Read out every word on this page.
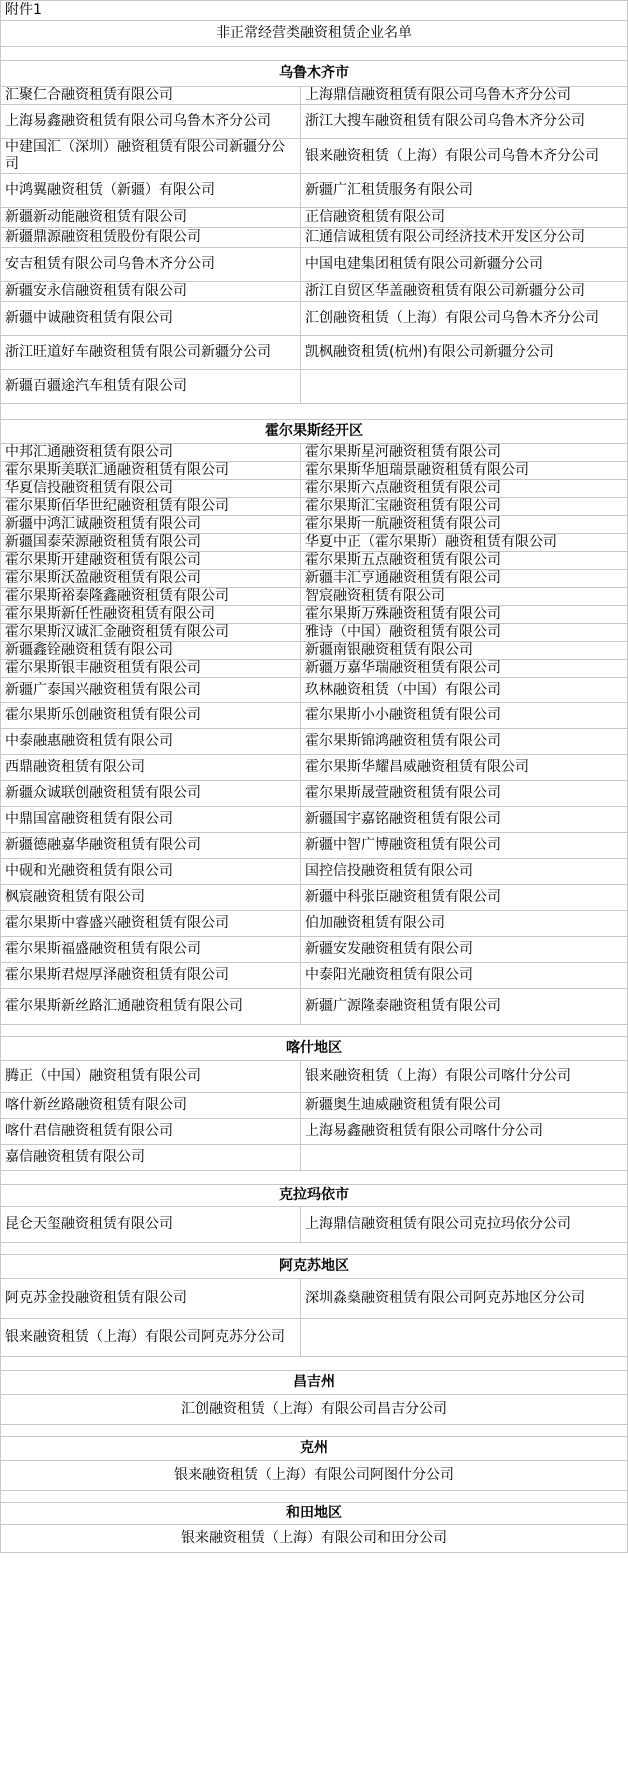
附件1	
非正常经营类融资租赁企业名单	

乌鲁木齐市	
汇聚仁合融资租赁有限公司	上海鼎信融资租赁有限公司乌鲁木齐分公司
上海易鑫融资租赁有限公司乌鲁木齐分公司	浙江大搜车融资租赁有限公司乌鲁木齐分公司
中建国汇（深圳）融资租赁有限公司新疆分公司	银来融资租赁（上海）有限公司乌鲁木齐分公司
中鸿翼融资租赁（新疆）有限公司	新疆广汇租赁服务有限公司
新疆新动能融资租赁有限公司	正信融资租赁有限公司
新疆鼎源融资租赁股份有限公司	汇通信诚租赁有限公司经济技术开发区分公司
安吉租赁有限公司乌鲁木齐分公司	中国电建集团租赁有限公司新疆分公司
新疆安永信融资租赁有限公司	浙江自贸区华盖融资租赁有限公司新疆分公司
新疆中诚融资租赁有限公司	汇创融资租赁（上海）有限公司乌鲁木齐分公司
浙江旺道好车融资租赁有限公司新疆分公司	凯枫融资租赁(杭州)有限公司新疆分公司
新疆百疆途汽车租赁有限公司	

霍尔果斯经开区	
中邦汇通融资租赁有限公司	霍尔果斯星河融资租赁有限公司
霍尔果斯美联汇通融资租赁有限公司	霍尔果斯华旭瑞景融资租赁有限公司
华夏信投融资租赁有限公司	霍尔果斯六点融资租赁有限公司
霍尔果斯佰华世纪融资租赁有限公司	霍尔果斯汇宝融资租赁有限公司
新疆中鸿汇诚融资租赁有限公司	霍尔果斯一航融资租赁有限公司
新疆国泰荣源融资租赁有限公司	华夏中正（霍尔果斯）融资租赁有限公司
霍尔果斯开建融资租赁有限公司	霍尔果斯五点融资租赁有限公司
霍尔果斯沃盈融资租赁有限公司	新疆丰汇亨通融资租赁有限公司
霍尔果斯裕泰隆鑫融资租赁有限公司	智宸融资租赁有限公司
霍尔果斯新任性融资租赁有限公司	霍尔果斯万殊融资租赁有限公司
霍尔果斯汉诚汇金融资租赁有限公司	雅诗（中国）融资租赁有限公司
新疆鑫铨融资租赁有限公司	新疆南银融资租赁有限公司
霍尔果斯银丰融资租赁有限公司	新疆万嘉华瑞融资租赁有限公司
新疆广泰国兴融资租赁有限公司	玖林融资租赁（中国）有限公司
霍尔果斯乐创融资租赁有限公司	霍尔果斯小小融资租赁有限公司
中泰融惠融资租赁有限公司	霍尔果斯锦鸿融资租赁有限公司
西鼎融资租赁有限公司	霍尔果斯华耀昌威融资租赁有限公司
新疆众诚联创融资租赁有限公司	霍尔果斯晟萱融资租赁有限公司
中鼎国富融资租赁有限公司	新疆国宇嘉铭融资租赁有限公司
新疆德融嘉华融资租赁有限公司	新疆中智广博融资租赁有限公司
中砚和光融资租赁有限公司	国控信投融资租赁有限公司
枫宸融资租赁有限公司	新疆中科张臣融资租赁有限公司
霍尔果斯中睿盛兴融资租赁有限公司	伯加融资租赁有限公司
霍尔果斯福盛融资租赁有限公司	新疆安发融资租赁有限公司
霍尔果斯君煜厚泽融资租赁有限公司	中泰阳光融资租赁有限公司
霍尔果斯新丝路汇通融资租赁有限公司	新疆广源隆泰融资租赁有限公司

喀什地区	
腾正（中国）融资租赁有限公司	银来融资租赁（上海）有限公司喀什分公司
喀什新丝路融资租赁有限公司	新疆奥生迪威融资租赁有限公司
喀什君信融资租赁有限公司	上海易鑫融资租赁有限公司喀什分公司
嘉信融资租赁有限公司	

克拉玛依市	
昆仑天玺融资租赁有限公司	上海鼎信融资租赁有限公司克拉玛依分公司

阿克苏地区	
阿克苏金投融资租赁有限公司	深圳淼燊融资租赁有限公司阿克苏地区分公司
银来融资租赁（上海）有限公司阿克苏分公司	

昌吉州	
汇创融资租赁（上海）有限公司昌吉分公司	

克州	
银来融资租赁（上海）有限公司阿图什分公司	

和田地区	
银来融资租赁（上海）有限公司和田分公司	
